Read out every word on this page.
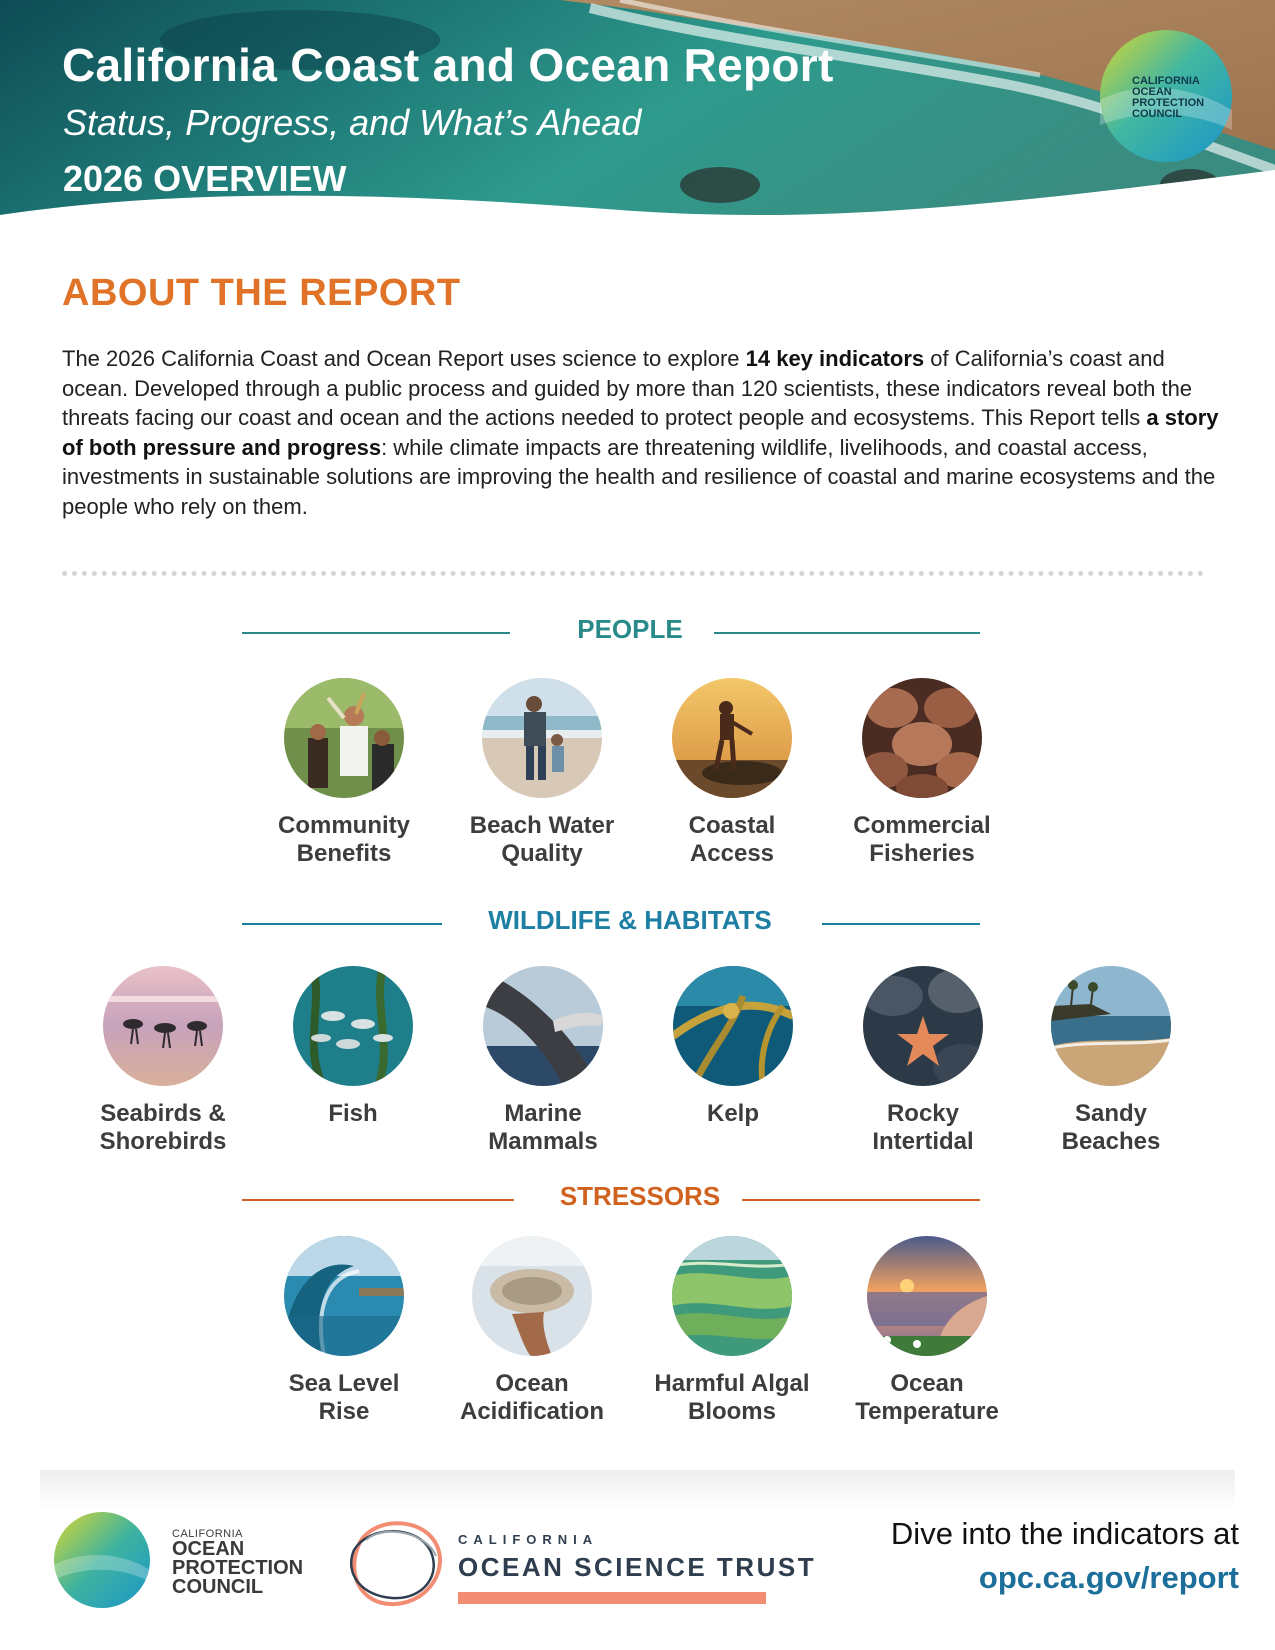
California Coast and Ocean Report

Status, Progress, and What’s Ahead

2026 OVERVIEW

CALIFORNIA
OCEAN
PROTECTION
COUNCIL
ABOUT THE REPORT

The 2026 California Coast and Ocean Report uses science to explore 14 key indicators of California’s coast and ocean. Developed through a public process and guided by more than 120 scientists, these indicators reveal both the threats facing our coast and ocean and the actions needed to protect people and ecosystems. This Report tells a story of both pressure and progress: while climate impacts are threatening wildlife, livelihoods, and coastal access, investments in sustainable solutions are improving the health and resilience of coastal and marine ecosystems and the people who rely on them.

PEOPLE
Community
Benefits
Beach Water
Quality
Coastal
Access
Commercial
Fisheries
WILDLIFE & HABITATS
Seabirds &
Shorebirds
Fish	Marine
Mammals
Kelp	Rocky
Intertidal
Sandy
Beaches
STRESSORS
Sea Level
Rise
Ocean
Acidification
Harmful Algal
Blooms
Ocean
Temperature
CALIFORNIA
OCEAN
PROTECTION
COUNCIL
CALIFORNIA
OCEAN SCIENCE TRUST
Dive into the indicators at
opc.ca.gov/report
